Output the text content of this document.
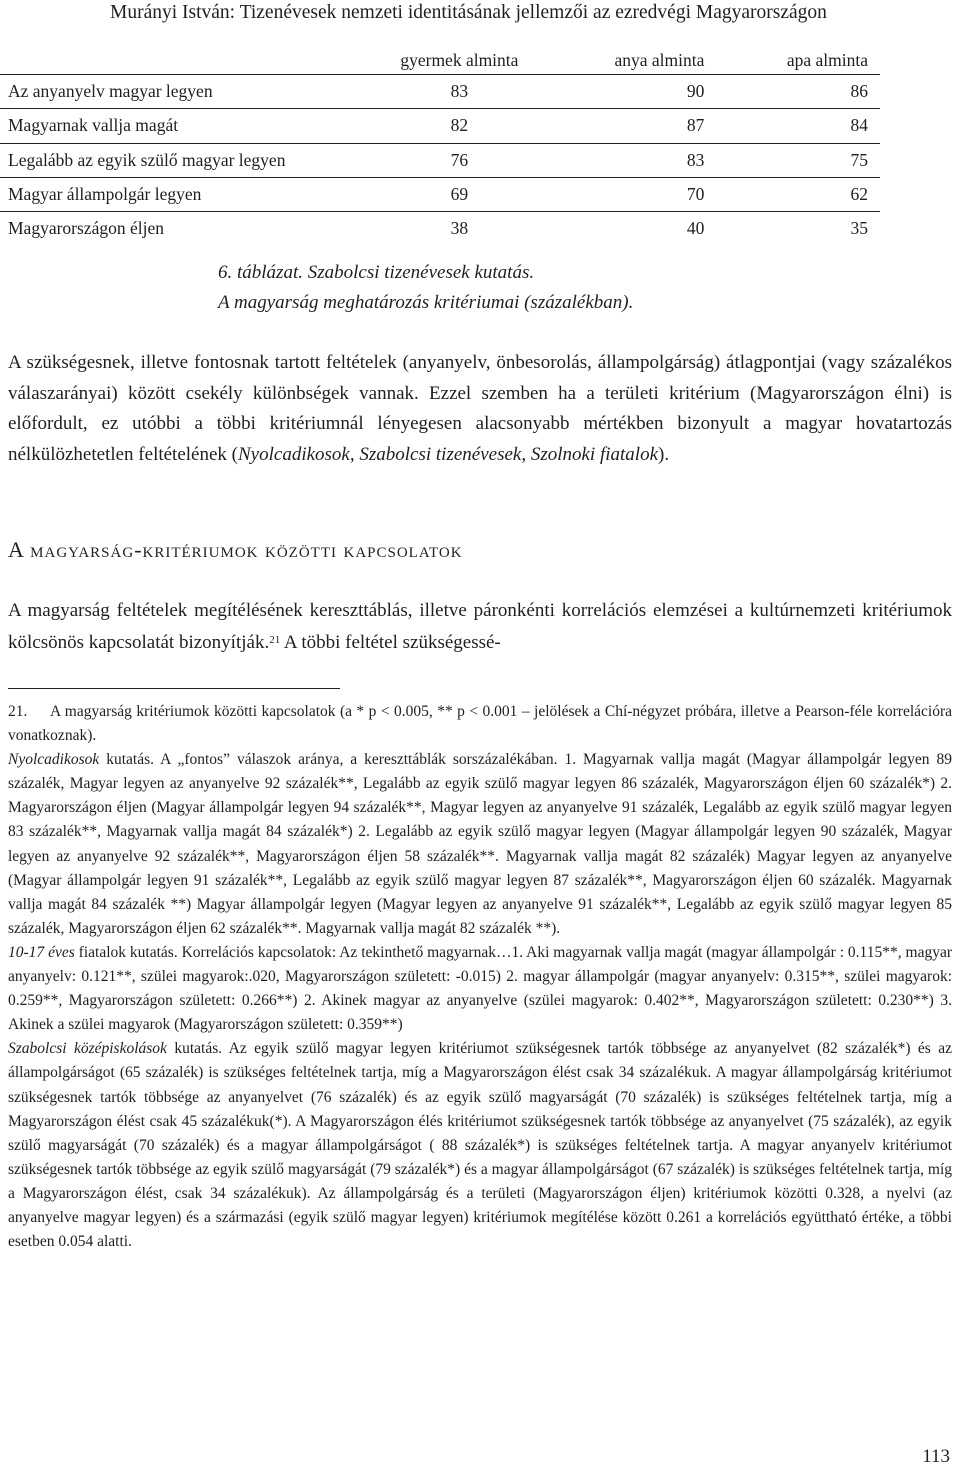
Murányi István: Tizenévesek nemzeti identitásának jellemzői az ezredvégi Magyarországon
	gyermek alminta	anya alminta	apa alminta
Az anyanyelv magyar legyen	83	90	86
Magyarnak vallja magát	82	87	84
Legalább az egyik szülő magyar legyen	76	83	75
Magyar állampolgár legyen	69	70	62
Magyarországon éljen	38	40	35
6. táblázat. Szabolcsi tizenévesek kutatás.
A magyarság meghatározás kritériumai (százalékban).

A szükségesnek, illetve fontosnak tartott feltételek (anyanyelv, önbesorolás, állampolgárság) átlagpontjai (vagy százalékos válaszarányai) között csekély különbségek vannak. Ezzel szemben ha a területi kritérium (Magyarországon élni) is előfordult, ez utóbbi a többi kritériumnál lényegesen alacsonyabb mértékben bizonyult a magyar hovatartozás nélkülözhetetlen feltételének (Nyolcadikosok, Szabolcsi tizenévesek, Szolnoki fiatalok).

A magyarság-kritériumok közötti kapcsolatok

A magyarság feltételek megítélésének kereszttáblás, illetve páronkénti korrelációs elemzései a kultúrnemzeti kritériumok kölcsönös kapcsolatát bizonyítják.$^{21}$ A többi feltétel szükségessé-

21. A magyarság kritériumok közötti kapcsolatok (a * p < 0.005, ** p < 0.001 – jelölések a Chí-négyzet próbára, illetve a Pearson-féle korrelációra vonatkoznak).

Nyolcadikosok kutatás. A „fontos” válaszok aránya, a kereszttáblák sorszázalékában. 1. Magyarnak vallja magát (Magyar állampolgár legyen 89 százalék, Magyar legyen az anyanyelve 92 százalék**, Legalább az egyik szülő magyar legyen 86 százalék, Magyarországon éljen 60 százalék*) 2. Magyarországon éljen (Magyar állampolgár legyen 94 százalék**, Magyar legyen az anyanyelve 91 százalék, Legalább az egyik szülő magyar legyen 83 százalék**, Magyarnak vallja magát 84 százalék*) 2. Legalább az egyik szülő magyar legyen (Magyar állampolgár legyen 90 százalék, Magyar legyen az anyanyelve 92 százalék**, Magyarországon éljen 58 százalék**. Magyarnak vallja magát 82 százalék) Magyar legyen az anyanyelve (Magyar állampolgár legyen 91 százalék**, Legalább az egyik szülő magyar legyen 87 százalék**, Magyarországon éljen 60 százalék. Magyarnak vallja magát 84 százalék **) Magyar állampolgár legyen (Magyar legyen az anyanyelve 91 százalék**, Legalább az egyik szülő magyar legyen 85 százalék, Magyarországon éljen 62 százalék**. Magyarnak vallja magát 82 százalék **).

10-17 éves fiatalok kutatás. Korrelációs kapcsolatok: Az tekinthető magyarnak…1. Aki magyarnak vallja magát (magyar állampolgár : 0.115**, magyar anyanyelv: 0.121**, szülei magyarok:.020, Magyarországon született: -0.015) 2. magyar állampolgár (magyar anyanyelv: 0.315**, szülei magyarok: 0.259**, Magyarországon született: 0.266**) 2. Akinek magyar az anyanyelve (szülei magyarok: 0.402**, Magyarországon született: 0.230**) 3. Akinek a szülei magyarok (Magyarországon született: 0.359**)

Szabolcsi középiskolások kutatás. Az egyik szülő magyar legyen kritériumot szükségesnek tartók többsége az anyanyelvet (82 százalék*) és az állampolgárságot (65 százalék) is szükséges feltételnek tartja, míg a Magyarországon élést csak 34 százalékuk. A magyar állampolgárság kritériumot szükségesnek tartók többsége az anyanyelvet (76 százalék) és az egyik szülő magyarságát (70 százalék) is szükséges feltételnek tartja, míg a Magyarországon élést csak 45 százalékuk(*). A Magyarországon élés kritériumot szükségesnek tartók többsége az anyanyelvet (75 százalék), az egyik szülő magyarságát (70 százalék) és a magyar állampolgárságot ( 88 százalék*) is szükséges feltételnek tartja. A magyar anyanyelv kritériumot szükségesnek tartók többsége az egyik szülő magyarságát (79 százalék*) és a magyar állampolgárságot (67 százalék) is szükséges feltételnek tartja, míg a Magyarországon élést, csak 34 százalékuk). Az állampolgárság és a területi (Magyarországon éljen) kritériumok közötti 0.328, a nyelvi (az anyanyelve magyar legyen) és a származási (egyik szülő magyar legyen) kritériumok megítélése között 0.261 a korrelációs együttható értéke, a többi esetben 0.054 alatti.

113
